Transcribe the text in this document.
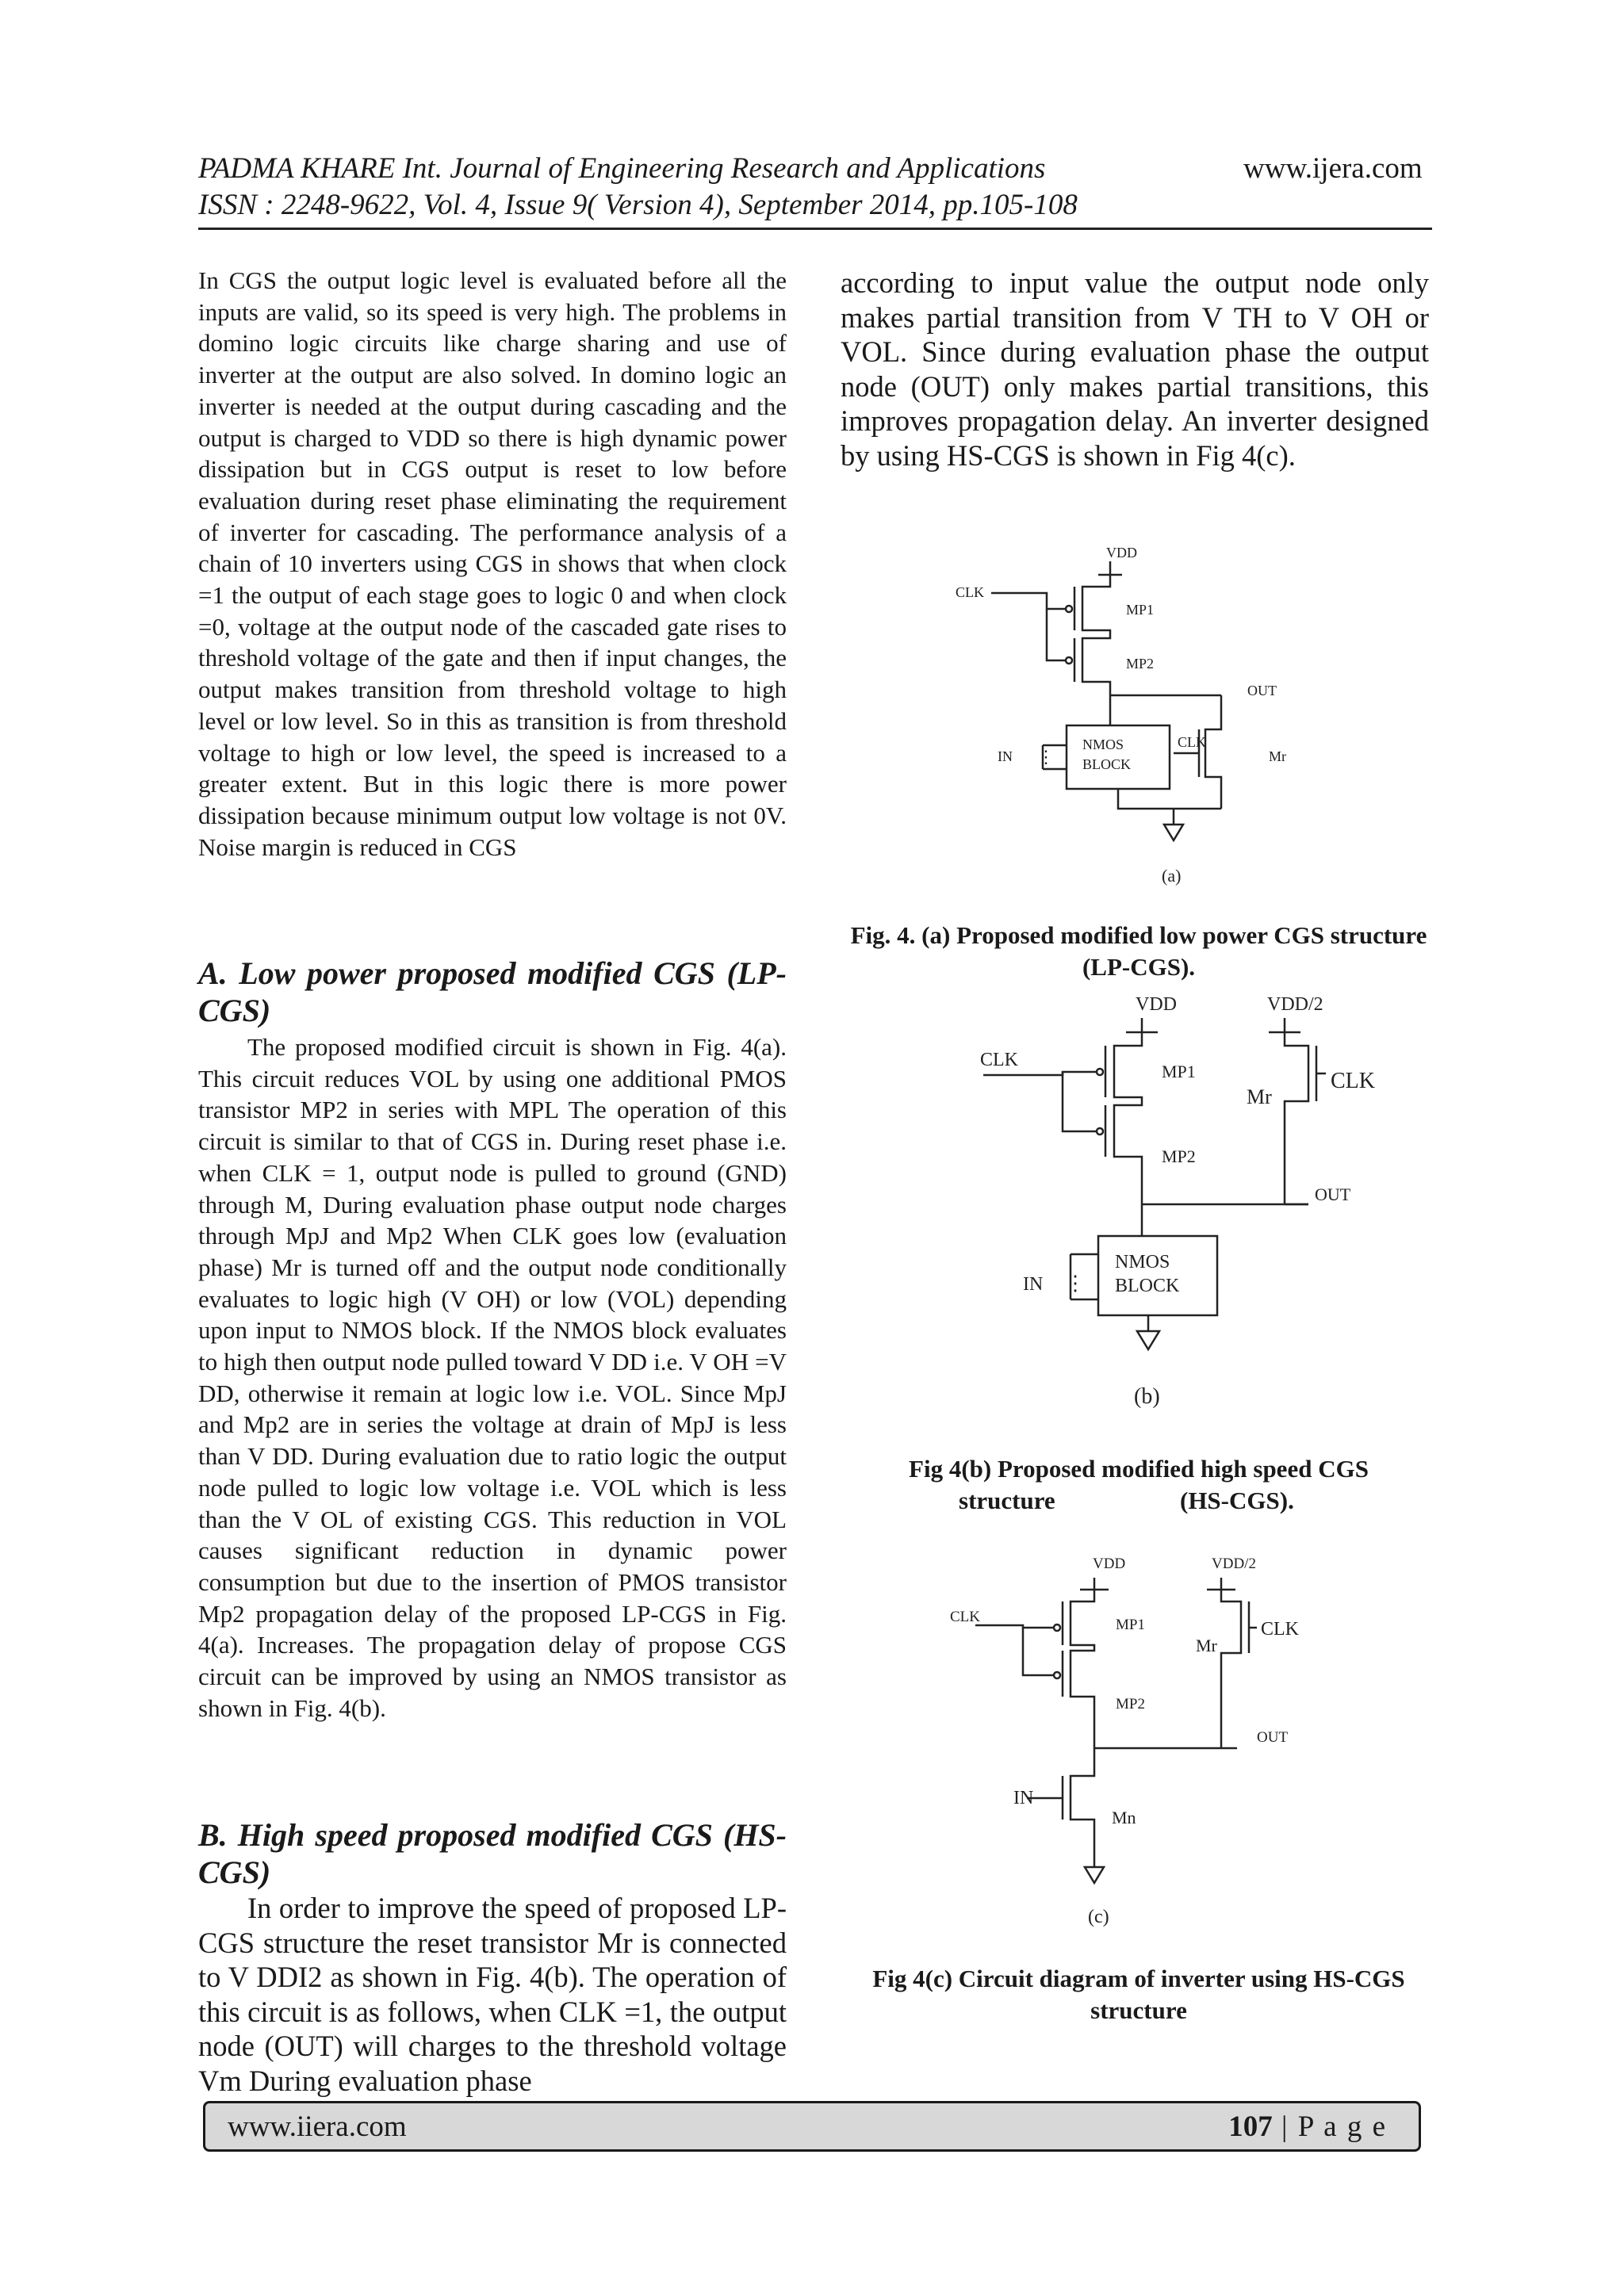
PADMA KHARE Int. Journal of Engineering Research and Applications	www.ijera.com
ISSN : 2248-9622, Vol. 4, Issue 9( Version 4), September 2014, pp.105-108
In CGS the output logic level is evaluated before all the inputs are valid, so its speed is very high. The problems in domino logic circuits like charge sharing and use of inverter at the output are also solved. In domino logic an inverter is needed at the output during cascading and the output is charged to VDD so there is high dynamic power dissipation but in CGS output is reset to low before evaluation during reset phase eliminating the requirement of inverter for cascading. The performance analysis of a chain of 10 inverters using CGS in shows that when clock =1 the output of each stage goes to logic 0 and when clock =0, voltage at the output node of the cascaded gate rises to threshold voltage of the gate and then if input changes, the output makes transition from threshold voltage to high level or low level. So in this as transition is from threshold voltage to high or low level, the speed is increased to a greater extent. But in this logic there is more power dissipation because minimum output low voltage is not 0V. Noise margin is reduced in CGS
A. Low power proposed modified CGS (LP-CGS)
The proposed modified circuit is shown in Fig. 4(a). This circuit reduces VOL by using one additional PMOS transistor MP2 in series with MPL The operation of this circuit is similar to that of CGS in. During reset phase i.e. when CLK = 1, output node is pulled to ground (GND) through M, During evaluation phase output node charges through MpJ and Mp2 When CLK goes low (evaluation phase) Mr is turned off and the output node conditionally evaluates to logic high (V OH) or low (VOL) depending upon input to NMOS block. If the NMOS block evaluates to high then output node pulled toward V DD i.e. V OH =V DD, otherwise it remain at logic low i.e. VOL. Since MpJ and Mp2 are in series the voltage at drain of MpJ is less than V DD. During evaluation due to ratio logic the output node pulled to logic low voltage i.e. VOL which is less than the V OL of existing CGS. This reduction in VOL causes significant reduction in dynamic power consumption but due to the insertion of PMOS transistor Mp2 propagation delay of the proposed LP-CGS in Fig. 4(a). Increases. The propagation delay of propose CGS circuit can be improved by using an NMOS transistor as shown in Fig. 4(b).
B. High speed proposed modified CGS (HS-CGS)
In order to improve the speed of proposed LP-CGS structure the reset transistor Mr is connected to V DDI2 as shown in Fig. 4(b). The operation of this circuit is as follows, when CLK =1, the output node (OUT) will charges to the threshold voltage Vm During evaluation phase
according to input value the output node only makes partial transition from V TH to V OH or VOL. Since during evaluation phase the output node (OUT) only makes partial transitions, this improves propagation delay. An inverter designed by using HS-CGS is shown in Fig 4(c).
VDD
CLK
MP1
MP2
OUT
IN ⋮
NMOS
BLOCK
CLK
Mr
(a)
Fig. 4. (a) Proposed modified low power CGS structure (LP-CGS).
VDD	VDD/2
CLK
MP1
MP2
Mr
CLK
OUT
IN ⋮
NMOS
BLOCK
(b)
Fig 4(b) Proposed modified high speed CGS
structure	(HS-CGS).
VDD	VDD/2
CLK	MP1
MP2
Mr
CLK
OUT
IN
Mn
(c)
Fig 4(c) Circuit diagram of inverter using HS-CGS structure
www.iiera.com	107 | P a g e
